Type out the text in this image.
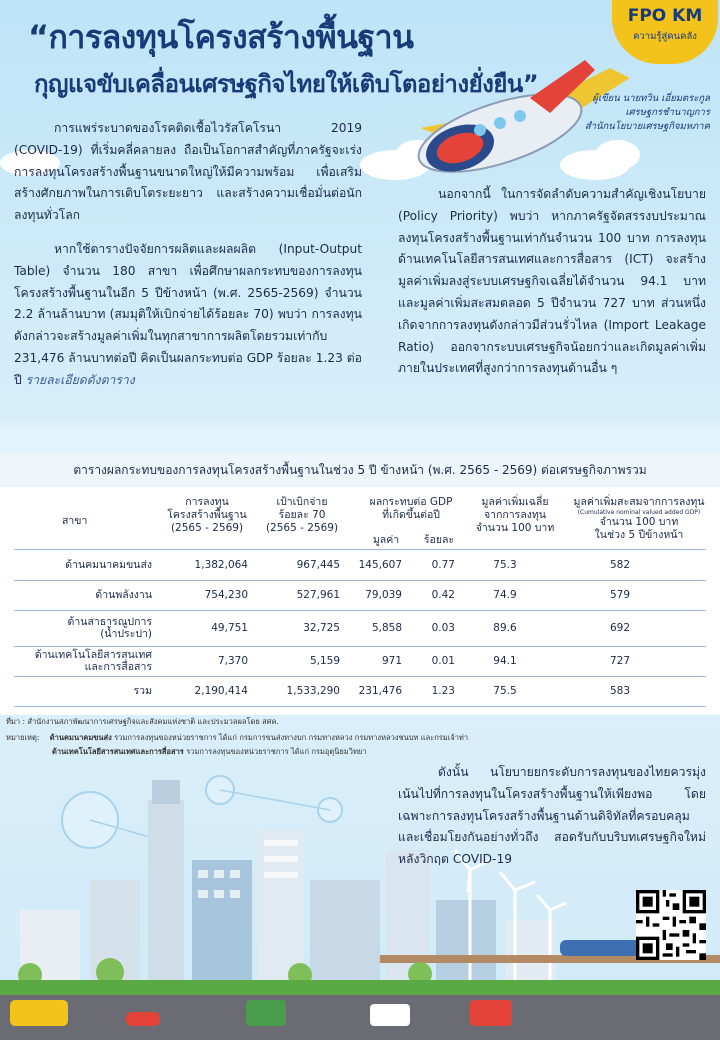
“การลงทุนโครงสร้างพื้นฐาน
กุญแจขับเคลื่อนเศรษฐกิจไทยให้เติบโตอย่างยั่งยืน”
FPO KM
ความรู้สู่คนคลัง
ผู้เขียน นายทวิน เอี่ยมตระกูล
เศรษฐกรชำนาญการ
สำนักนโยบายเศรษฐกิจมหภาค

การแพร่ระบาดของโรคติดเชื้อไวรัสโคโรนา 2019 (COVID-19) ที่เริ่มคลี่คลายลง ถือเป็นโอกาสสำคัญที่ภาครัฐจะเร่งการลงทุนโครงสร้างพื้นฐานขนาดใหญ่ให้มีความพร้อม เพื่อเสริมสร้างศักยภาพในการเติบโตระยะยาว และสร้างความเชื่อมั่นต่อนักลงทุนทั่วโลก

หากใช้ตารางปัจจัยการผลิตและผลผลิต (Input-Output Table) จำนวน 180 สาขา เพื่อศึกษาผลกระทบของการลงทุนโครงสร้างพื้นฐานในอีก 5 ปีข้างหน้า (พ.ศ. 2565-2569) จำนวน 2.2 ล้านล้านบาท (สมมุติให้เบิกจ่ายได้ร้อยละ 70) พบว่า การลงทุนดังกล่าวจะสร้างมูลค่าเพิ่มในทุกสาขาการผลิตโดยรวมเท่ากับ 231,476 ล้านบาทต่อปี คิดเป็นผลกระทบต่อ GDP ร้อยละ 1.23 ต่อปี รายละเอียดดังตาราง

นอกจากนี้ ในการจัดลำดับความสำคัญเชิงนโยบาย (Policy Priority) พบว่า หากภาครัฐจัดสรรงบประมาณลงทุนโครงสร้างพื้นฐานเท่ากันจำนวน 100 บาท การลงทุนด้านเทคโนโลยีสารสนเทศและการสื่อสาร (ICT) จะสร้างมูลค่าเพิ่มลงสู่ระบบเศรษฐกิจเฉลี่ยได้จำนวน 94.1 บาท และมูลค่าเพิ่มสะสมตลอด 5 ปีจำนวน 727 บาท ส่วนหนึ่งเกิดจากการลงทุนดังกล่าวมีส่วนรั่วไหล (Import Leakage Ratio) ออกจากระบบเศรษฐกิจน้อยกว่าและเกิดมูลค่าเพิ่มภายในประเทศที่สูงกว่าการลงทุนด้านอื่น ๆ

ตารางผลกระทบของการลงทุนโครงสร้างพื้นฐานในช่วง 5 ปี ข้างหน้า (พ.ศ. 2565 - 2569) ต่อเศรษฐกิจภาพรวม
สาขา
การลงทุน
โครงสร้างพื้นฐาน
(2565 - 2569)
เป้าเบิกจ่าย
ร้อยละ 70
(2565 - 2569)
ผลกระทบต่อ GDP
ที่เกิดขึ้นต่อปี
มูลค่า	ร้อยละ
มูลค่าเพิ่มเฉลี่ย
จากการลงทุน
จำนวน 100 บาท
มูลค่าเพิ่มสะสมจากการลงทุน
(Cumulative nominal valued added GDP)
จำนวน 100 บาท
ในช่วง 5 ปีข้างหน้า
ด้านคมนาคมขนส่ง	1,382,064	967,445	145,607	0.77	75.3	582
ด้านพลังงาน	754,230	527,961	79,039	0.42	74.9	579
ด้านสาธารณูปการ
(น้ำประปา)	49,751	32,725	5,858	0.03	89.6	692
ด้านเทคโนโลยีสารสนเทศ
และการสื่อสาร	7,370	5,159	971	0.01	94.1	727
รวม	2,190,414	1,533,290	231,476	1.23	75.5	583
ที่มา : สำนักงานสภาพัฒนาการเศรษฐกิจและสังคมแห่งชาติ และประมวลผลโดย สศค.
หมายเหตุ: ด้านคมนาคมขนส่ง รวมการลงทุนของหน่วยราชการ ได้แก่ กรมการขนส่งทางบก กรมทางหลวง กรมทางหลวงชนบท และกรมเจ้าท่า
ด้านเทคโนโลยีสารสนเทศและการสื่อสาร รวมการลงทุนของหน่วยราชการ ได้แก่ กรมอุตุนิยมวิทยา

ดังนั้น นโยบายยกระดับการลงทุนของไทยควรมุ่งเน้นไปที่การลงทุนในโครงสร้างพื้นฐานให้เพียงพอ โดยเฉพาะการลงทุนโครงสร้างพื้นฐานด้านดิจิทัลที่ครอบคลุมและเชื่อมโยงกันอย่างทั่วถึง สอดรับกับบริบทเศรษฐกิจใหม่หลังวิกฤต COVID-19
